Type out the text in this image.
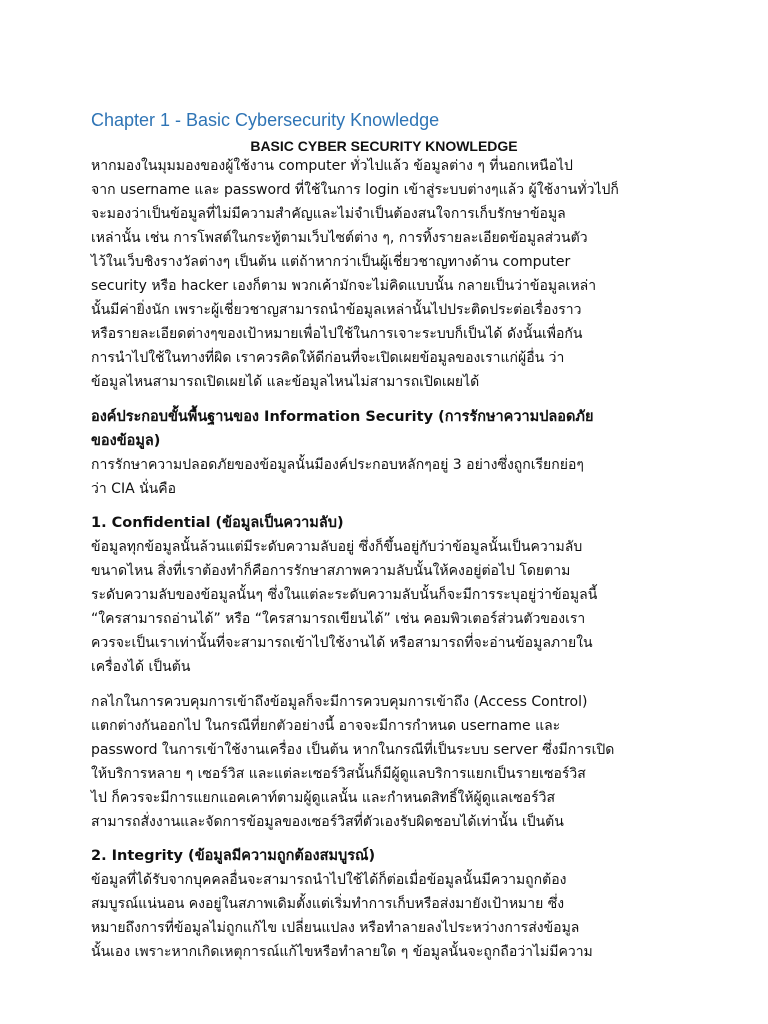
Chapter 1 - Basic Cybersecurity Knowledge
BASIC CYBER SECURITY KNOWLEDGE
หากมองในมุมมองของผู้ใช้งาน computer ทั่วไปแล้ว ข้อมูลต่าง ๆ ที่นอกเหนือไป
จาก username และ password ที่ใช้ในการ login เข้าสู่ระบบต่างๆแล้ว ผู้ใช้งานทั่วไปก็
จะมองว่าเป็นข้อมูลที่ไม่มีความสำคัญและไม่จำเป็นต้องสนใจการเก็บรักษาข้อมูล
เหล่านั้น เช่น การโพสต์ในกระทู้ตามเว็บไซต์ต่าง ๆ, การทิ้งรายละเอียดข้อมูลส่วนตัว
ไว้ในเว็บชิงรางวัลต่างๆ เป็นต้น แต่ถ้าหากว่าเป็นผู้เชี่ยวชาญทางด้าน computer
security หรือ hacker เองก็ตาม พวกเค้ามักจะไม่คิดแบบนั้น กลายเป็นว่าข้อมูลเหล่า
นั้นมีค่ายิ่งนัก เพราะผู้เชี่ยวชาญสามารถนำข้อมูลเหล่านั้นไปประติดประต่อเรื่องราว
หรือรายละเอียดต่างๆของเป้าหมายเพื่อไปใช้ในการเจาะระบบก็เป็นได้ ดังนั้นเพื่อกัน
การนำไปใช้ในทางที่ผิด เราควรคิดให้ดีก่อนที่จะเปิดเผยข้อมูลของเราแก่ผู้อื่น ว่า
ข้อมูลไหนสามารถเปิดเผยได้ และข้อมูลไหนไม่สามารถเปิดเผยได้
องค์ประกอบขั้นพื้นฐานของ Information Security (การรักษาความปลอดภัย
ของข้อมูล)
การรักษาความปลอดภัยของข้อมูลนั้นมีองค์ประกอบหลักๆอยู่ 3 อย่างซึ่งถูกเรียกย่อๆ
ว่า CIA นั่นคือ
1. Confidential (ข้อมูลเป็นความลับ)
ข้อมูลทุกข้อมูลนั้นล้วนแต่มีระดับความลับอยู่ ซึ่งก็ขึ้นอยู่กับว่าข้อมูลนั้นเป็นความลับ
ขนาดไหน สิ่งที่เราต้องทำก็คือการรักษาสภาพความลับนั้นให้คงอยู่ต่อไป โดยตาม
ระดับความลับของข้อมูลนั้นๆ ซึ่งในแต่ละระดับความลับนั้นก็จะมีการระบุอยู่ว่าข้อมูลนี้
“ใครสามารถอ่านได้” หรือ “ใครสามารถเขียนได้” เช่น คอมพิวเตอร์ส่วนตัวของเรา
ควรจะเป็นเราเท่านั้นที่จะสามารถเข้าไปใช้งานได้ หรือสามารถที่จะอ่านข้อมูลภายใน
เครื่องได้ เป็นต้น
กลไกในการควบคุมการเข้าถึงข้อมูลก็จะมีการควบคุมการเข้าถึง (Access Control)
แตกต่างกันออกไป ในกรณีที่ยกตัวอย่างนี้ อาจจะมีการกำหนด username และ
password ในการเข้าใช้งานเครื่อง เป็นต้น หากในกรณีที่เป็นระบบ server ซึ่งมีการเปิด
ให้บริการหลาย ๆ เซอร์วิส และแต่ละเซอร์วิสนั้นก็มีผู้ดูแลบริการแยกเป็นรายเซอร์วิส
ไป ก็ควรจะมีการแยกแอคเคาท์ตามผู้ดูแลนั้น และกำหนดสิทธิ์ให้ผู้ดูแลเซอร์วิส
สามารถสั่งงานและจัดการข้อมูลของเซอร์วิสที่ตัวเองรับผิดชอบได้เท่านั้น เป็นต้น
2. Integrity (ข้อมูลมีความถูกต้องสมบูรณ์)
ข้อมูลที่ได้รับจากบุคคลอื่นจะสามารถนำไปใช้ได้ก็ต่อเมื่อข้อมูลนั้นมีความถูกต้อง
สมบูรณ์แน่นอน คงอยู่ในสภาพเดิมตั้งแต่เริ่มทำการเก็บหรือส่งมายังเป้าหมาย ซึ่ง
หมายถึงการที่ข้อมูลไม่ถูกแก้ไข เปลี่ยนแปลง หรือทำลายลงไประหว่างการส่งข้อมูล
นั้นเอง เพราะหากเกิดเหตุการณ์แก้ไขหรือทำลายใด ๆ ข้อมูลนั้นจะถูกถือว่าไม่มีความ
